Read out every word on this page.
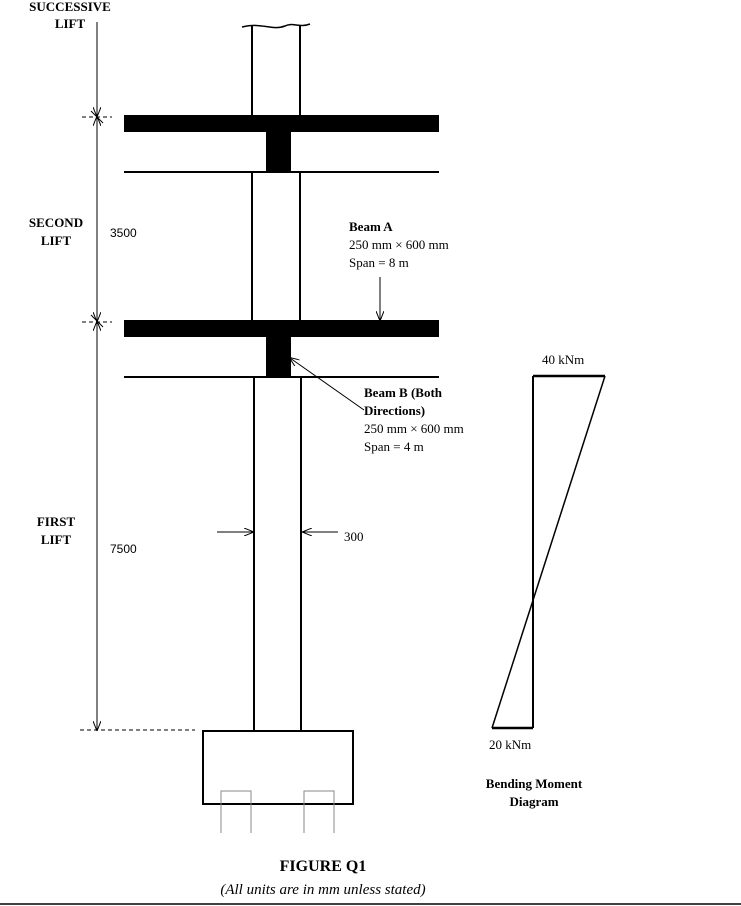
SUCCESSIVE
LIFT
SECOND
LIFT
FIRST
LIFT
3500
7500
Beam A
250 mm × 600 mm
Span = 8 m
Beam B (Both
Directions)
250 mm × 600 mm
Span = 4 m
300
40 kNm
20 kNm
Bending Moment
Diagram
FIGURE Q1
(All units are in mm unless stated)
